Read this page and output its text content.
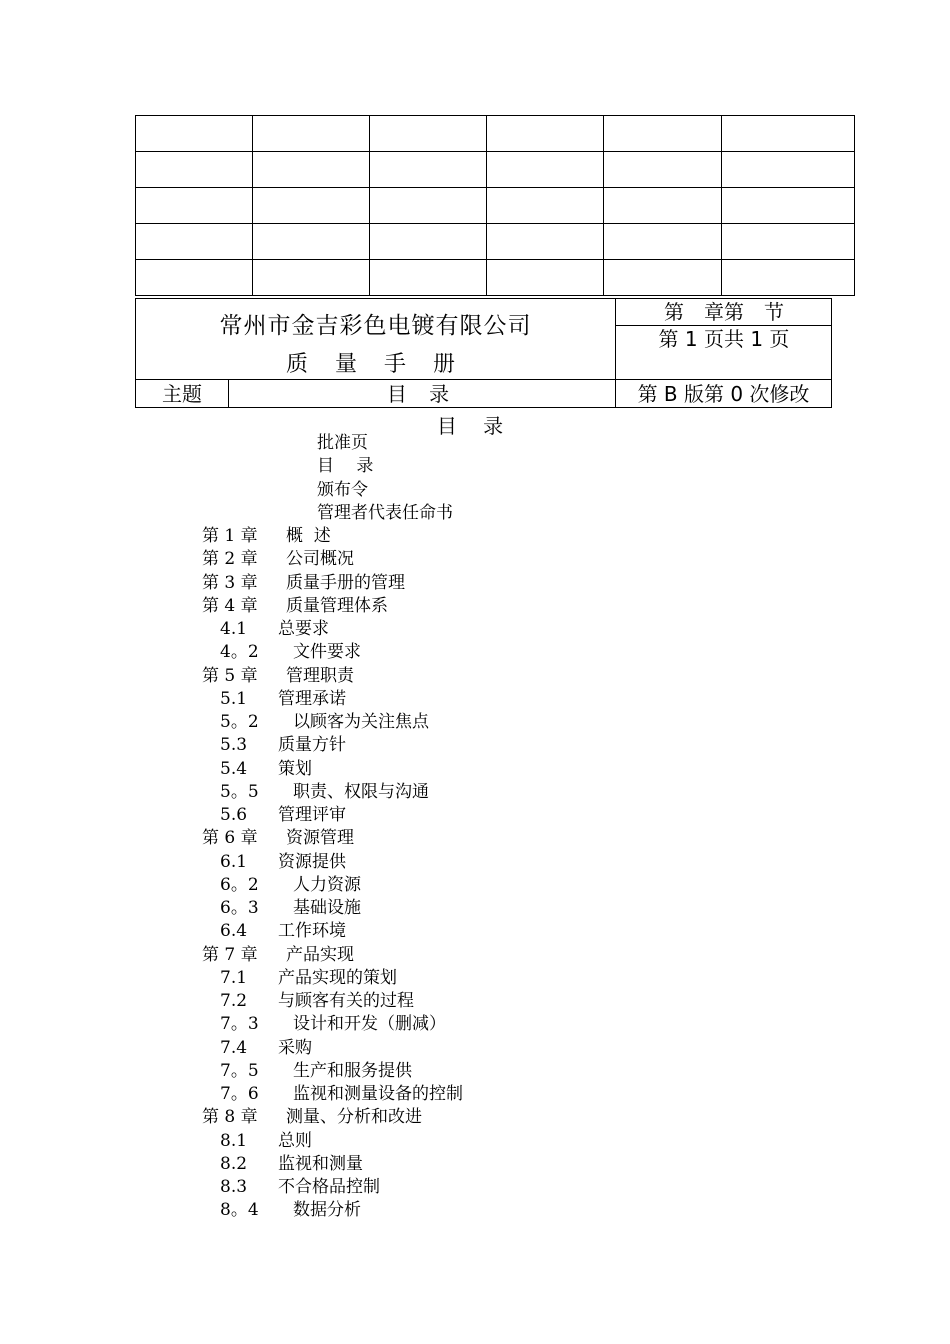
常州市金吉彩色电镀有限公司
质 量 手 册
第　章第　节
第 1 页共 1 页
主题	目 录	第 B 版第 0 次修改
目 录
批准页
目　 录
颁布令
管理者代表任命书
第 1 章 概  述
第 2 章 公司概况
第 3 章 质量手册的管理
第 4 章 质量管理体系
4.1 总要求
4。2 文件要求
第 5 章 管理职责
5.1 管理承诺
5。2 以顾客为关注焦点
5.3 质量方针
5.4 策划
5。5 职责、权限与沟通
5.6 管理评审
第 6 章 资源管理
6.1 资源提供
6。2 人力资源
6。3 基础设施
6.4 工作环境
第 7 章 产品实现
7.1 产品实现的策划
7.2 与顾客有关的过程
7。3 设计和开发（删减）
7.4 采购
7。5 生产和服务提供
7。6 监视和测量设备的控制
第 8 章 测量、分析和改进
8.1 总则
8.2 监视和测量
8.3 不合格品控制
8。4 数据分析
